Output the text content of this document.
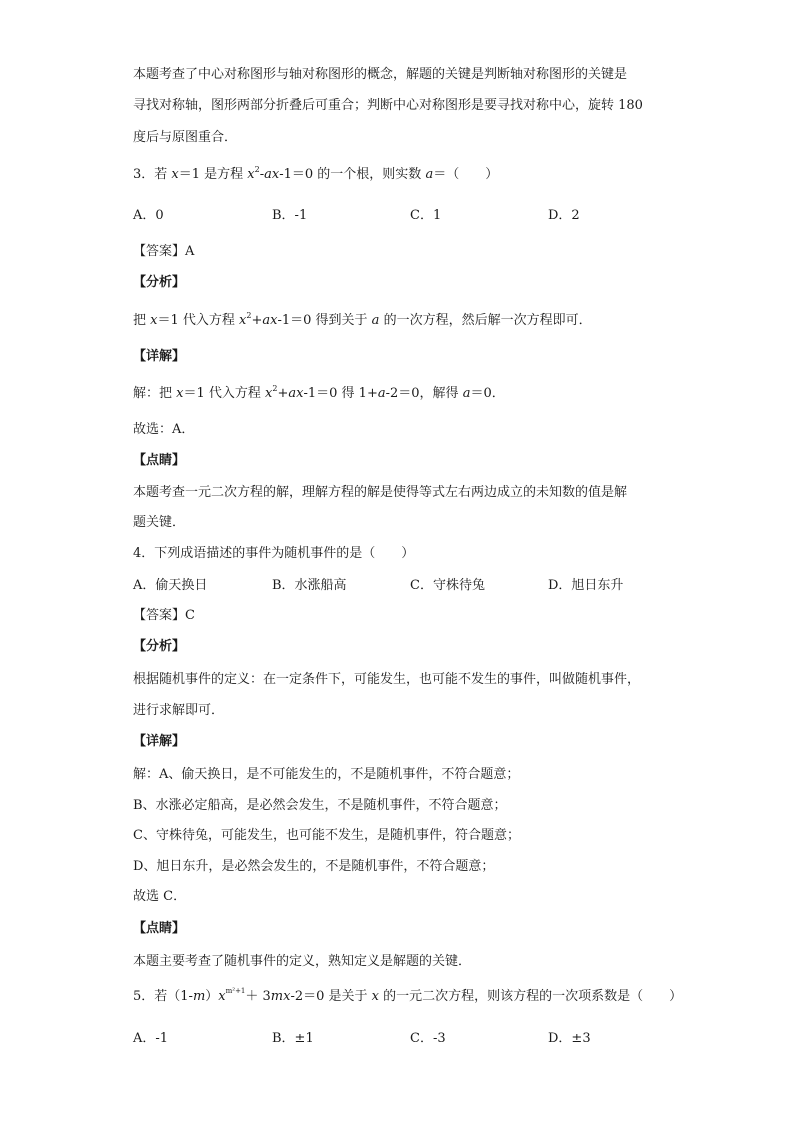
本题考查了中心对称图形与轴对称图形的概念，解题的关键是判断轴对称图形的关键是
寻找对称轴，图形两部分折叠后可重合；判断中心对称图形是要寻找对称中心，旋转 180
度后与原图重合．
3．若 x＝1 是方程 $x^2-ax-1=0$ 的一个根，则实数 a＝（　　）
A．0	B．-1	C．1	D．2
【答案】A
【分析】
把 x＝1 代入方程 $x^2+ax-1=0$ 得到关于 a 的一次方程，然后解一次方程即可．
【详解】
解：把 x＝1 代入方程 $x^2+ax-1=0$ 得 1+a-2＝0，解得 a＝0．
故选：A．
【点睛】
本题考查一元二次方程的解，理解方程的解是使得等式左右两边成立的未知数的值是解
题关键．
4．下列成语描述的事件为随机事件的是（　　）
A．偷天换日	B．水涨船高	C．守株待兔	D．旭日东升
【答案】C
【分析】
根据随机事件的定义：在一定条件下，可能发生，也可能不发生的事件，叫做随机事件，
进行求解即可．
【详解】
解：A、偷天换日，是不可能发生的，不是随机事件，不符合题意；
B、水涨必定船高，是必然会发生，不是随机事件，不符合题意；
C、守株待兔，可能发生，也可能不发生，是随机事件，符合题意；
D、旭日东升，是必然会发生的，不是随机事件，不符合题意；
故选 C．
【点睛】
本题主要考查了随机事件的定义，熟知定义是解题的关键．
5．若$(1-m)x^{m^2+1}+ 3mx-2=0$ 是关于 x 的一元二次方程，则该方程的一次项系数是（　　）
A．-1	B．±1	C．-3	D．±3
